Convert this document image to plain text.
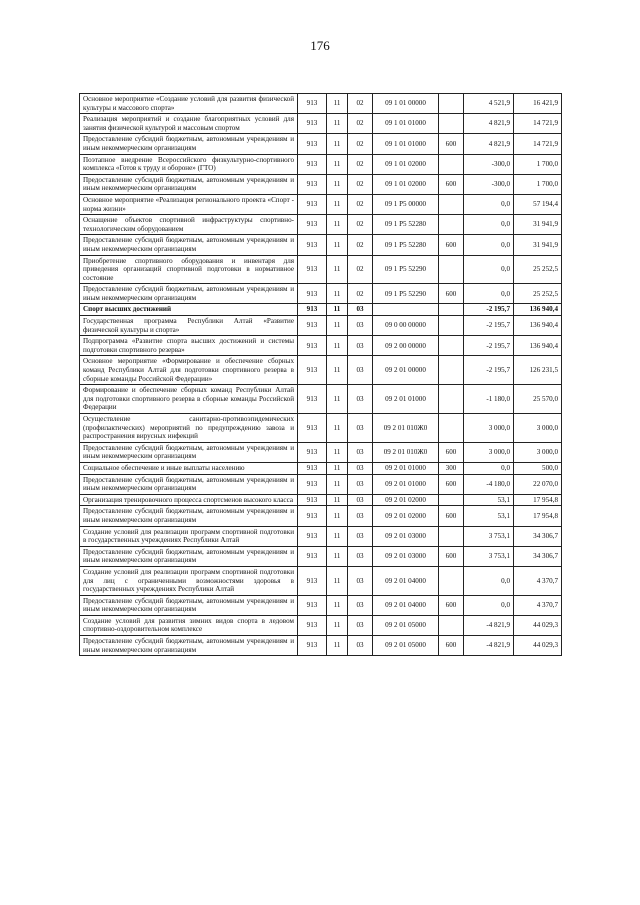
176
Основное мероприятие «Создание условий для развития физической культуры и массового спорта»	913	11	02	09 1 01 00000		4 521,9	16 421,9
Реализация мероприятий и создание благоприятных условий для занятия физической культурой и массовым спортом	913	11	02	09 1 01 01000		4 821,9	14 721,9
Предоставление субсидий бюджетным, автономным учреждениям и иным некоммерческим организациям	913	11	02	09 1 01 01000	600	4 821,9	14 721,9
Поэтапное внедрение Всероссийского физкультурно-спортивного комплекса «Готов к труду и обороне» (ГТО)	913	11	02	09 1 01 02000		-300,0	1 700,0
Предоставление субсидий бюджетным, автономным учреждениям и иным некоммерческим организациям	913	11	02	09 1 01 02000	600	-300,0	1 700,0
Основное мероприятие «Реализация регионального проекта «Спорт - норма жизни»	913	11	02	09 1 P5 00000		0,0	57 194,4
Оснащение объектов спортивной инфраструктуры спортивно-технологическим оборудованием	913	11	02	09 1 P5 52280		0,0	31 941,9
Предоставление субсидий бюджетным, автономным учреждениям и иным некоммерческим организациям	913	11	02	09 1 P5 52280	600	0,0	31 941,9
Приобретение спортивного оборудования и инвентаря для приведения организаций спортивной подготовки в нормативное состояние	913	11	02	09 1 P5 52290		0,0	25 252,5
Предоставление субсидий бюджетным, автономным учреждениям и иным некоммерческим организациям	913	11	02	09 1 P5 52290	600	0,0	25 252,5
Спорт высших достижений	913	11	03			-2 195,7	136 940,4
Государственная программа Республики Алтай «Развитие физической культуры и спорта»	913	11	03	09 0 00 00000		-2 195,7	136 940,4
Подпрограмма «Развитие спорта высших достижений и системы подготовки спортивного резерва»	913	11	03	09 2 00 00000		-2 195,7	136 940,4
Основное мероприятие «Формирование и обеспечение сборных команд Республики Алтай для подготовки спортивного резерва в сборные команды Российской Федерации»	913	11	03	09 2 01 00000		-2 195,7	126 231,5
Формирование и обеспечение сборных команд Республики Алтай для подготовки спортивного резерва в сборные команды Российской Федерации	913	11	03	09 2 01 01000		-1 180,0	25 570,0
Осуществление санитарно-противоэпидемических (профилактических) мероприятий по предупреждению завоза и распространения вирусных инфекций	913	11	03	09 2 01 010Ж0		3 000,0	3 000,0
Предоставление субсидий бюджетным, автономным учреждениям и иным некоммерческим организациям	913	11	03	09 2 01 010Ж0	600	3 000,0	3 000,0
Социальное обеспечение и иные выплаты населению	913	11	03	09 2 01 01000	300	0,0	500,0
Предоставление субсидий бюджетным, автономным учреждениям и иным некоммерческим организациям	913	11	03	09 2 01 01000	600	-4 180,0	22 070,0
Организация тренировочного процесса спортсменов высокого класса	913	11	03	09 2 01 02000		53,1	17 954,8
Предоставление субсидий бюджетным, автономным учреждениям и иным некоммерческим организациям	913	11	03	09 2 01 02000	600	53,1	17 954,8
Создание условий для реализации программ спортивной подготовки в государственных учреждениях Республики Алтай	913	11	03	09 2 01 03000		3 753,1	34 306,7
Предоставление субсидий бюджетным, автономным учреждениям и иным некоммерческим организациям	913	11	03	09 2 01 03000	600	3 753,1	34 306,7
Создание условий для реализации программ спортивной подготовки для лиц с ограниченными возможностями здоровья в государственных учреждениях Республики Алтай	913	11	03	09 2 01 04000		0,0	4 370,7
Предоставление субсидий бюджетным, автономным учреждениям и иным некоммерческим организациям	913	11	03	09 2 01 04000	600	0,0	4 370,7
Создание условий для развития зимних видов спорта в ледовом спортивно-оздоровительном комплексе	913	11	03	09 2 01 05000		-4 821,9	44 029,3
Предоставление субсидий бюджетным, автономным учреждениям и иным некоммерческим организациям	913	11	03	09 2 01 05000	600	-4 821,9	44 029,3
